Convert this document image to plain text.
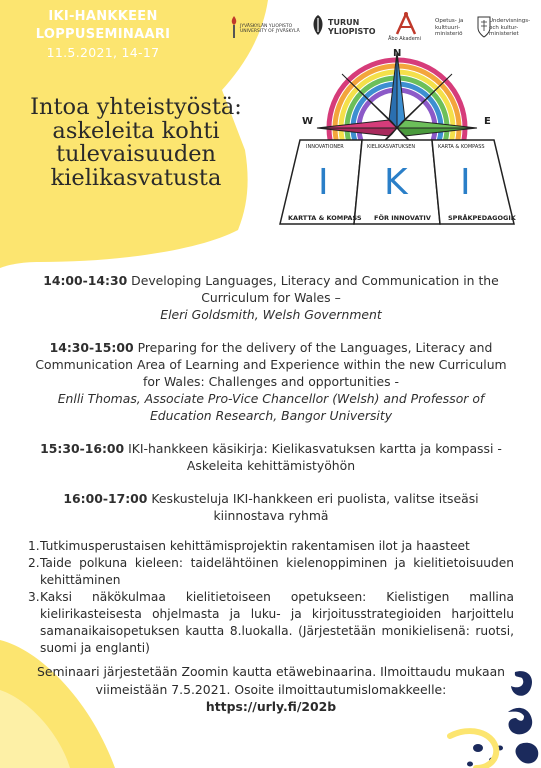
IKI-HANKKEEN
LOPPUSEMINAARI
11.5.2021, 14-17
JYVÄSKYLÄN YLIOPISTO UNIVERSITY OF JYVÄSKYLÄ
TURUN YLIOPISTO
Åbo Akademi
Opetus- ja kulttuuri- ministeriö
Undervisnings- och kultur- ministeriet
Intoa yhteistyöstä: askeleita kohti tulevaisuuden kielikasvatusta
N
W	E
INNOVATIONER	KIELIKASVATUKSEN	KARTA & KOMPASS
I K I
KARTTA & KOMPASS FÖR INNOVATIV	SPRÅKPEDAGOGIK
14:00-14:30 Developing Languages, Literacy and Communication in the Curriculum for Wales –
Eleri Goldsmith, Welsh Government
14:30-15:00 Preparing for the delivery of the Languages, Literacy and Communication Area of Learning and Experience within the new Curriculum for Wales: Challenges and opportunities -
Enlli Thomas, Associate Pro-Vice Chancellor (Welsh) and Professor of Education Research, Bangor University
15:30-16:00 IKI-hankkeen käsikirja: Kielikasvatuksen kartta ja kompassi - Askeleita kehittämistyöhön
16:00-17:00 Keskusteluja IKI-hankkeen eri puolista, valitse itseäsi kiinnostava ryhmä
1. Tutkimusperustaisen kehittämisprojektin rakentamisen ilot ja haasteet
2. Taide polkuna kieleen: taidelähtöinen kielenoppiminen ja kielitietoisuuden kehittäminen
3. Kaksi näkökulmaa kielitietoiseen opetukseen: Kielistigen mallina kielirikasteisesta ohjelmasta ja luku- ja kirjoitusstrategioiden harjoittelu samanaikaisopetuksen kautta 8.luokalla. (Järjestetään monikielisenä: ruotsi, suomi ja englanti)
Seminaari järjestetään Zoomin kautta etäwebinaarina. Ilmoittaudu mukaan viimeistään 7.5.2021. Osoite ilmoittautumislomakkeelle:
https://urly.fi/202b
